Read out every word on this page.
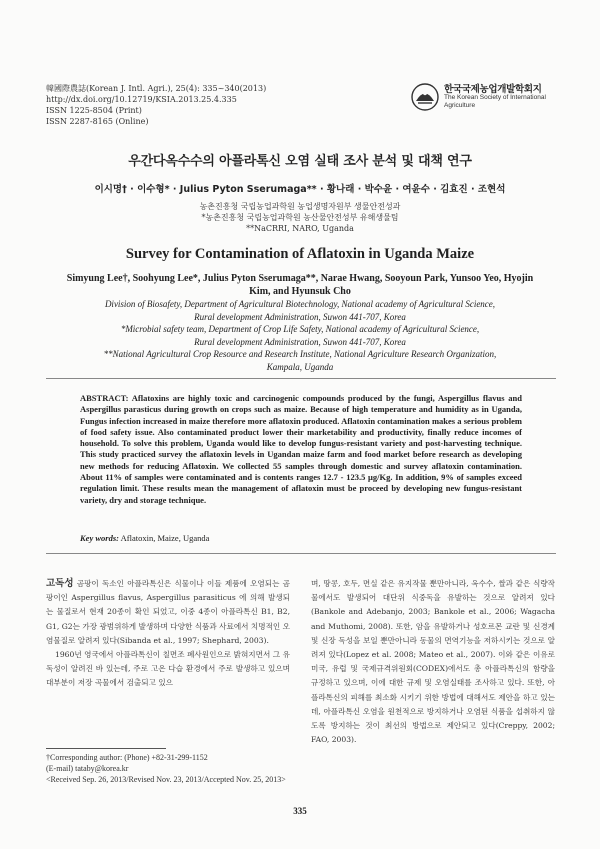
韓國際農誌(Korean J. Intl. Agri.), 25(4): 335~340(2013)
http://dx.doi.org/10.12719/KSIA.2013.25.4.335
ISSN 1225-8504 (Print)
ISSN 2287-8165 (Online)
한국국제농업개발학회지
The Korean Society of International Agriculture
우간다옥수수의 아플라톡신 오염 실태 조사 분석 및 대책 연구
이시명† · 이수형* · Julius Pyton Sserumaga** · 황나래 · 박수윤 · 여윤수 · 김효진 · 조현석
농촌진흥청 국립농업과학원 농업생명자원부 생물안전성과
*농촌진흥청 국립농업과학원 농산물안전성부 유해생물팀
**NaCRRI, NARO, Uganda
Survey for Contamination of Aflatoxin in Uganda Maize
Simyung Lee†, Soohyung Lee*, Julius Pyton Sserumaga**, Narae Hwang, Sooyoun Park, Yunsoo Yeo, Hyojin Kim, and Hyunsuk Cho
Division of Biosafety, Department of Agricultural Biotechnology, National academy of Agricultural Science,
Rural development Administration, Suwon 441-707, Korea
*Microbial safety team, Department of Crop Life Safety, National academy of Agricultural Science,
Rural development Administration, Suwon 441-707, Korea
**National Agricultural Crop Resource and Research Institute, National Agriculture Research Organization,
Kampala, Uganda
ABSTRACT: Aflatoxins are highly toxic and carcinogenic compounds produced by the fungi, Aspergillus flavus and Aspergillus parasticus during growth on crops such as maize. Because of high temperature and humidity as in Uganda, Fungus infection increased in maize therefore more aflatoxin produced. Aflatoxin contamination makes a serious problem of food safety issue. Also contaminated product lower their marketability and productivity, finally reduce incomes of household. To solve this problem, Uganda would like to develop fungus-resistant variety and post-harvesting technique. This study practiced survey the aflatoxin levels in Ugandan maize farm and food market before research as developing new methods for reducing Aflatoxin. We collected 55 samples through domestic and survey aflatoxin contamination. About 11% of samples were contaminated and is contents ranges 12.7 - 123.5 μg/Kg. In addition, 9% of samples exceed regulation limit. These results mean the management of aflatoxin must be proceed by developing new fungus-resistant variety, dry and storage technique.
Key words: Aflatoxin, Maize, Uganda

고독성 곰팡이 독소인 아플라톡신은 식물이나 이들 제품에 오염되는 곰팡이인 Aspergillus flavus, Aspergillus parasiticus 에 의해 발생되는 물질로서 현재 20종이 확인 되었고, 이중 4종이 아플라톡신 B1, B2, G1, G2는 가장 광범위하게 발생하며 다양한 식품과 사료에서 치명적인 오염물질로 알려져 있다(Sibanda et al., 1997; Shephard, 2003).

1960년 영국에서 아플라톡신이 칠면조 폐사원인으로 밝혀지면서 그 유독성이 알려진 바 있는데, 주로 고온 다습 환경에서 주로 발생하고 있으며 대부분이 저장 곡물에서 검출되고 있으

며, 땅콩, 호두, 면실 같은 유지작물 뿐만아니라, 옥수수, 쌀과 같은 식량작물에서도 발생되어 대단위 식중독을 유발하는 것으로 알려져 있다(Bankole and Adebanjo, 2003; Bankole et al., 2006; Wagacha and Muthomi, 2008). 또한, 암을 유발하거나 성호르몬 교란 및 신경계 및 신장 독성을 보일 뿐만아니라 동물의 면역기능을 저하시키는 것으로 알려져 있다(Lopez et al. 2008; Mateo et al., 2007). 이와 같은 이유로 미국, 유럽 및 국제규격위원회(CODEX)에서도 총 아플라톡신의 함량을 규정하고 있으며, 이에 대한 규제 및 오염실태를 조사하고 있다. 또한, 아플라톡신의 피해를 최소화 시키기 위한 방법에 대해서도 제안을 하고 있는데, 아플라톡신 오염을 원천적으로 방지하거나 오염된 식품을 섭취하지 않도록 방지하는 것이 최선의 방법으로 제안되고 있다(Creppy, 2002; FAO, 2003).

†Corresponding author: (Phone) +82-31-299-1152
(E-mail) tataby@korea.kr
<Received Sep. 26, 2013/Revised Nov. 23, 2013/Accepted Nov. 25, 2013>
335
